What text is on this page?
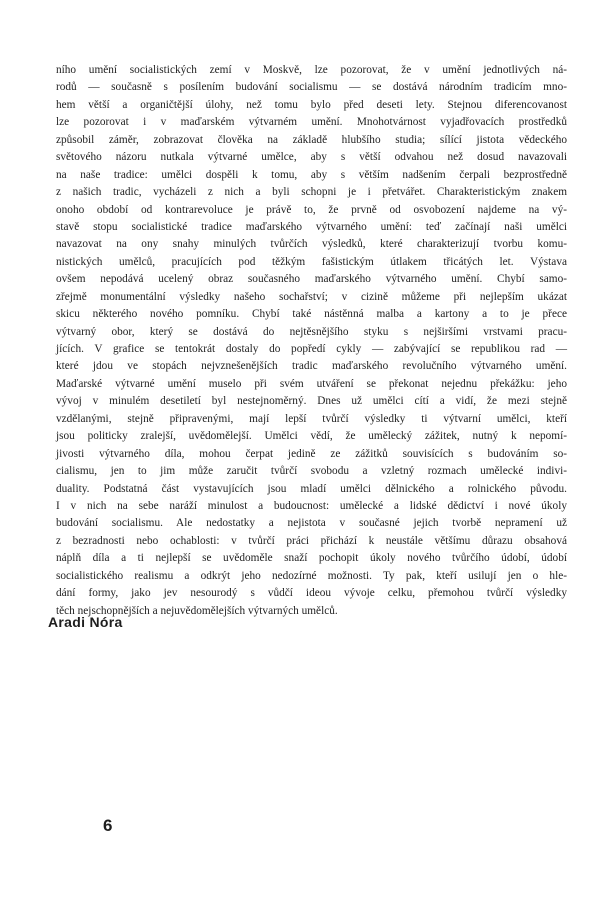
ního umění socialistických zemí v Moskvě, lze pozorovat, že v umění jednotlivých ná-
rodů — současně s posílením budování socialismu — se dostává národním tradicím mno-
hem větší a organičtější úlohy, než tomu bylo před deseti lety. Stejnou diferencovanost
lze pozorovat i v maďarském výtvarném umění. Mnohotvárnost vyjadřovacích prostředků
způsobil záměr, zobrazovat člověka na základě hlubšího studia; sílící jistota vědeckého
světového názoru nutkala výtvarné umělce, aby s větší odvahou než dosud navazovali
na naše tradice: umělci dospěli k tomu, aby s větším nadšením čerpali bezprostředně
z našich tradic, vycházeli z nich a byli schopni je i přetvářet. Charakteristickým znakem
onoho období od kontrarevoluce je právě to, že prvně od osvobození najdeme na vý-
stavě stopu socialistické tradice maďarského výtvarného umění: teď začínají naši umělci
navazovat na ony snahy minulých tvůrčích výsledků, které charakterizují tvorbu komu-
nistických umělců, pracujících pod těžkým fašistickým útlakem třicátých let. Výstava
ovšem nepodává ucelený obraz současného maďarského výtvarného umění. Chybí samo-
zřejmě monumentální výsledky našeho sochařství; v cizině můžeme při nejlepším ukázat
skicu některého nového pomníku. Chybí také nástěnná malba a kartony a to je přece
výtvarný obor, který se dostává do nejtěsnějšího styku s nejširšími vrstvami pracu-
jících. V grafice se tentokrát dostaly do popředí cykly — zabývající se republikou rad —
které jdou ve stopách nejvznešenějších tradic maďarského revolučního výtvarného umění.
Maďarské výtvarné umění muselo při svém utváření se překonat nejednu překážku: jeho
vývoj v minulém desetiletí byl nestejnoměrný. Dnes už umělci cítí a vidí, že mezi stejně
vzdělanými, stejně připravenými, mají lepší tvůrčí výsledky ti výtvarní umělci, kteří
jsou politicky zralejší, uvědomělejší. Umělci vědí, že umělecký zážitek, nutný k nepomí-
jivosti výtvarného díla, mohou čerpat jedině ze zážitků souvisících s budováním so-
cialismu, jen to jim může zaručit tvůrčí svobodu a vzletný rozmach umělecké indivi-
duality. Podstatná část vystavujících jsou mladí umělci dělnického a rolnického původu.
I v nich na sebe naráží minulost a budoucnost: umělecké a lidské dědictví i nové úkoly
budování socialismu. Ale nedostatky a nejistota v současné jejich tvorbě nepramení už
z bezradnosti nebo ochablosti: v tvůrčí práci přichází k neustále většímu důrazu obsahová
náplň díla a ti nejlepší se uvědoměle snaží pochopit úkoly nového tvůrčího údobí, údobí
socialistického realismu a odkrýt jeho nedozírné možnosti. Ty pak, kteří usilují jen o hle-
dání formy, jako jev nesourodý s vůdčí ideou vývoje celku, přemohou tvůrčí výsledky
těch nejschopnějších a nejuvědomělejších výtvarných umělců.
Aradi Nóra
6
